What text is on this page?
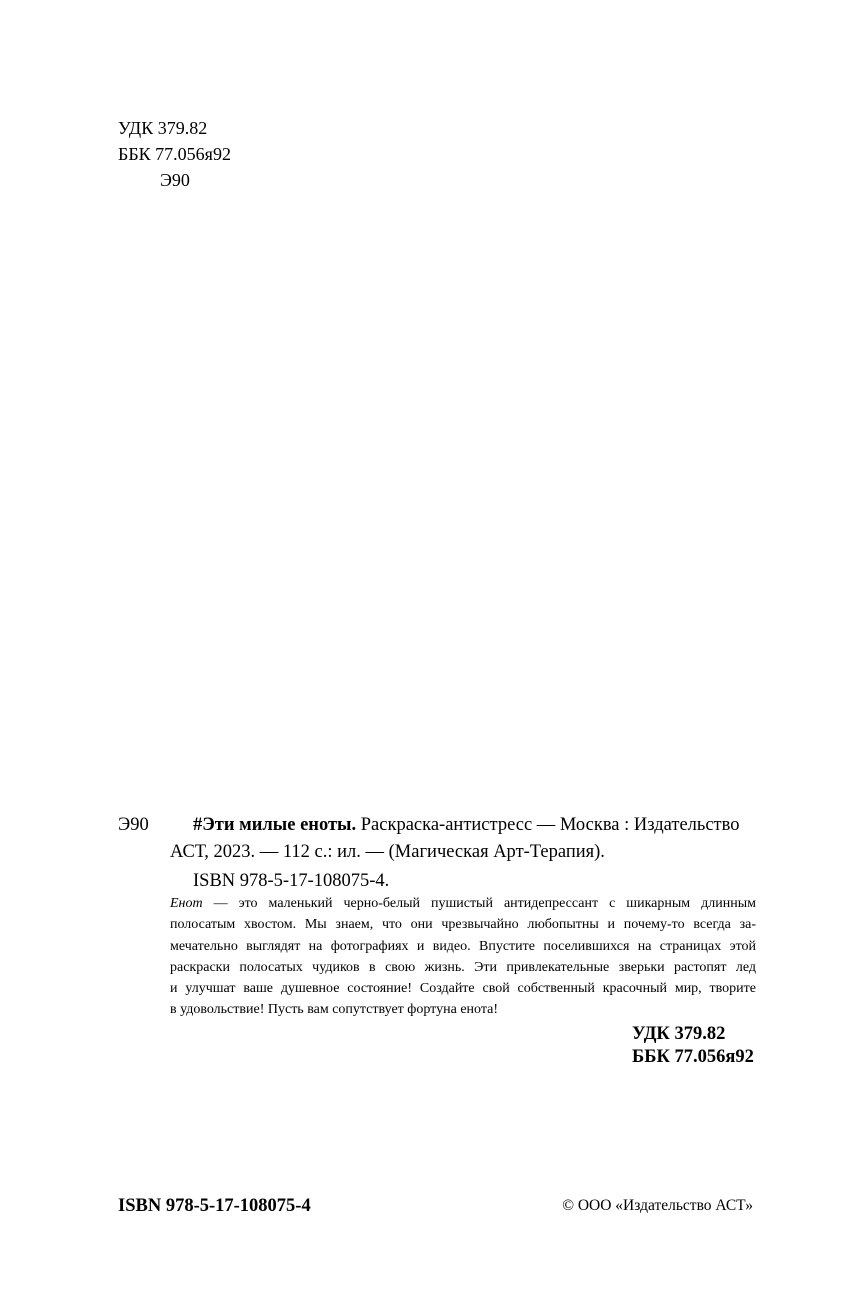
УДК 379.82
ББК 77.056я92
Э90
Э90 #Эти милые еноты. Раскраска-антистресс — Москва : Издательство
АСТ, 2023. — 112 с.: ил. — (Магическая Арт-Терапия).
ISBN 978-5-17-108075-4.
Енот — это маленький черно-белый пушистый антидепрессант с шикарным длинным
полосатым хвостом. Мы знаем, что они чрезвычайно любопытны и почему-то всегда за-
мечательно выглядят на фотографиях и видео. Впустите поселившихся на страницах этой
раскраски полосатых чудиков в свою жизнь. Эти привлекательные зверьки растопят лед
и улучшат ваше душевное состояние! Создайте свой собственный красочный мир, творите
в удовольствие! Пусть вам сопутствует фортуна енота!
УДК 379.82
ББК 77.056я92
ISBN 978-5-17-108075-4	© ООО «Издательство АСТ»
